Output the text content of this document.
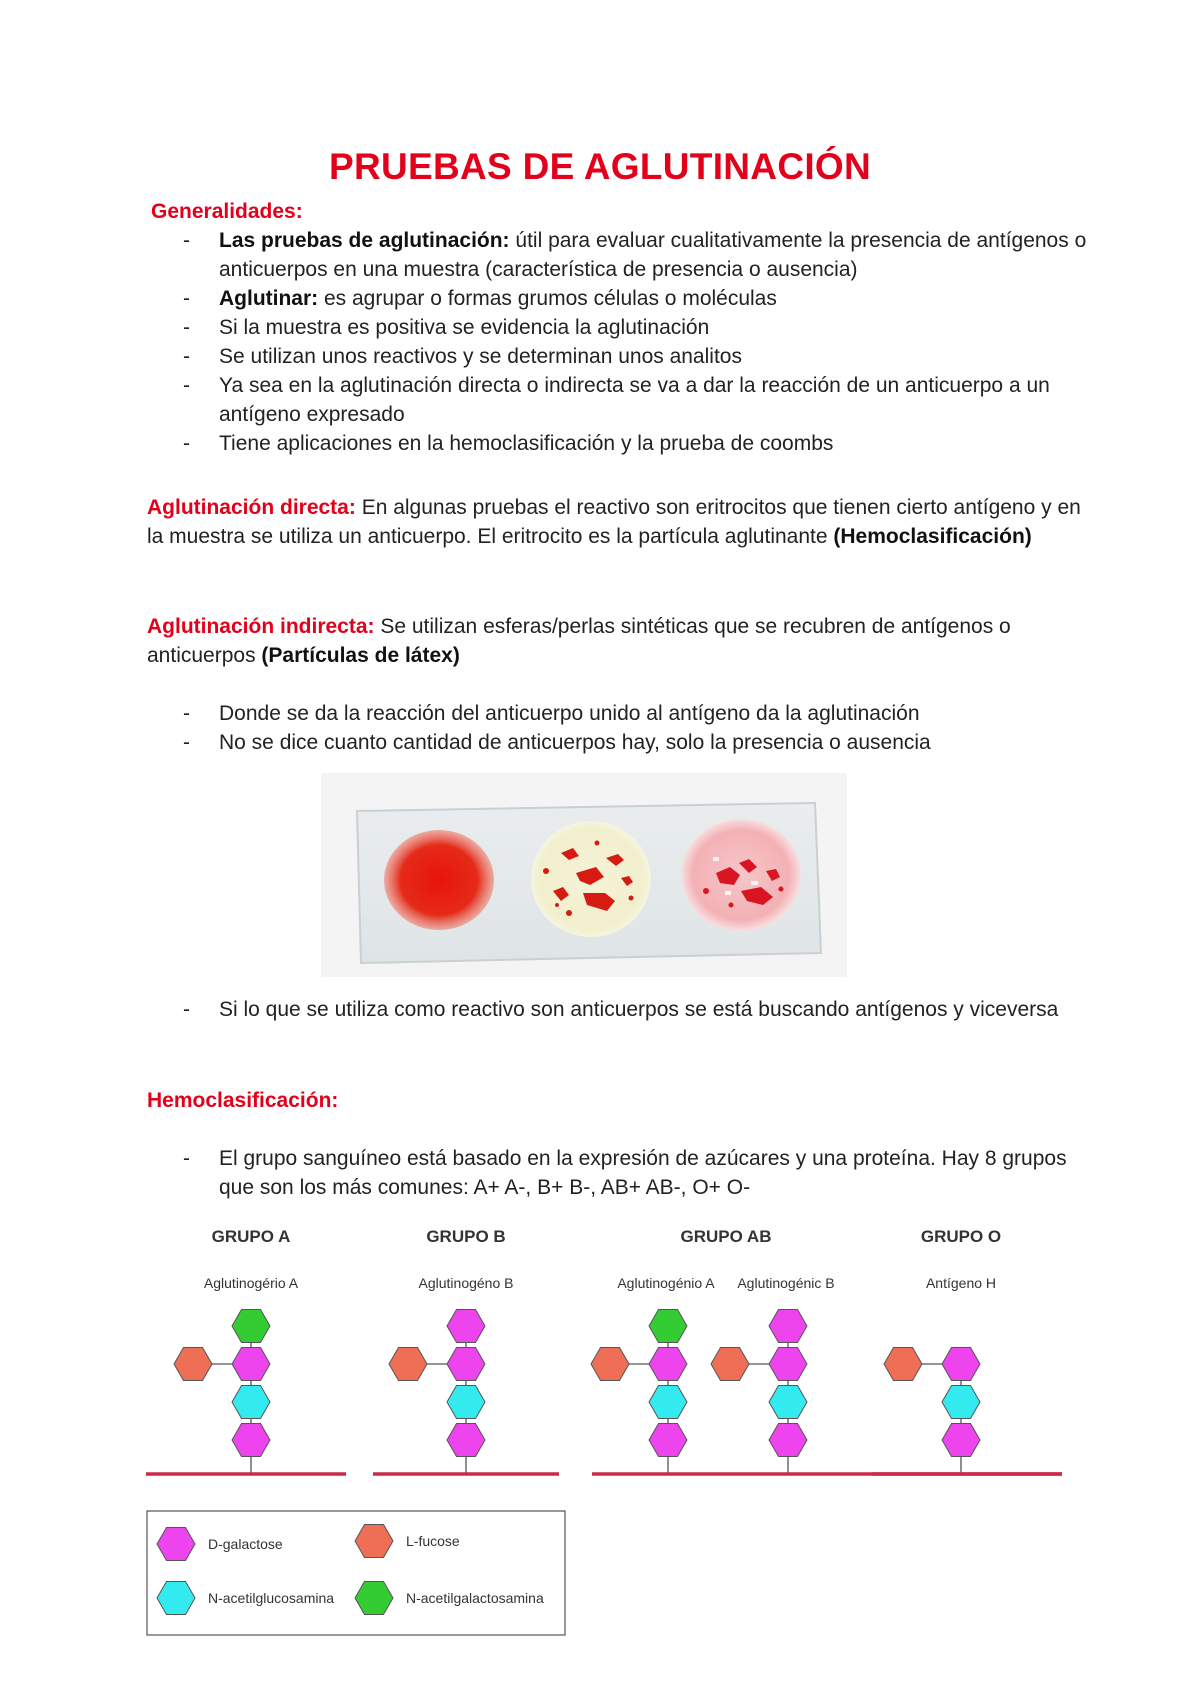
PRUEBAS DE AGLUTINACIÓN
Generalidades:
- Las pruebas de aglutinación: útil para evaluar cualitativamente la presencia de antígenos o anticuerpos en una muestra (característica de presencia o ausencia)
- Aglutinar: es agrupar o formas grumos células o moléculas
- Si la muestra es positiva se evidencia la aglutinación
- Se utilizan unos reactivos y se determinan unos analitos
- Ya sea en la aglutinación directa o indirecta se va a dar la reacción de un anticuerpo a un antígeno expresado
- Tiene aplicaciones en la hemoclasificación y la prueba de coombs
Aglutinación directa: En algunas pruebas el reactivo son eritrocitos que tienen cierto antígeno y en la muestra se utiliza un anticuerpo. El eritrocito es la partícula aglutinante (Hemoclasificación)
Aglutinación indirecta: Se utilizan esferas/perlas sintéticas que se recubren de antígenos o anticuerpos (Partículas de látex)
- Donde se da la reacción del anticuerpo unido al antígeno da la aglutinación
- No se dice cuanto cantidad de anticuerpos hay, solo la presencia o ausencia
- Si lo que se utiliza como reactivo son anticuerpos se está buscando antígenos y viceversa
Hemoclasificación:
- El grupo sanguíneo está basado en la expresión de azúcares y una proteína. Hay 8 grupos que son los más comunes: A+ A-, B+ B-, AB+ AB-, O+ O-
GRUPO A
Aglutinogério A
GRUPO B
Aglutinogéno B
GRUPO AB
Aglutinogénio A Aglutinogénic B
GRUPO O
Antígeno H
D-galactose	L-fucose
N-acetilglucosamina	N-acetilgalactosamina
